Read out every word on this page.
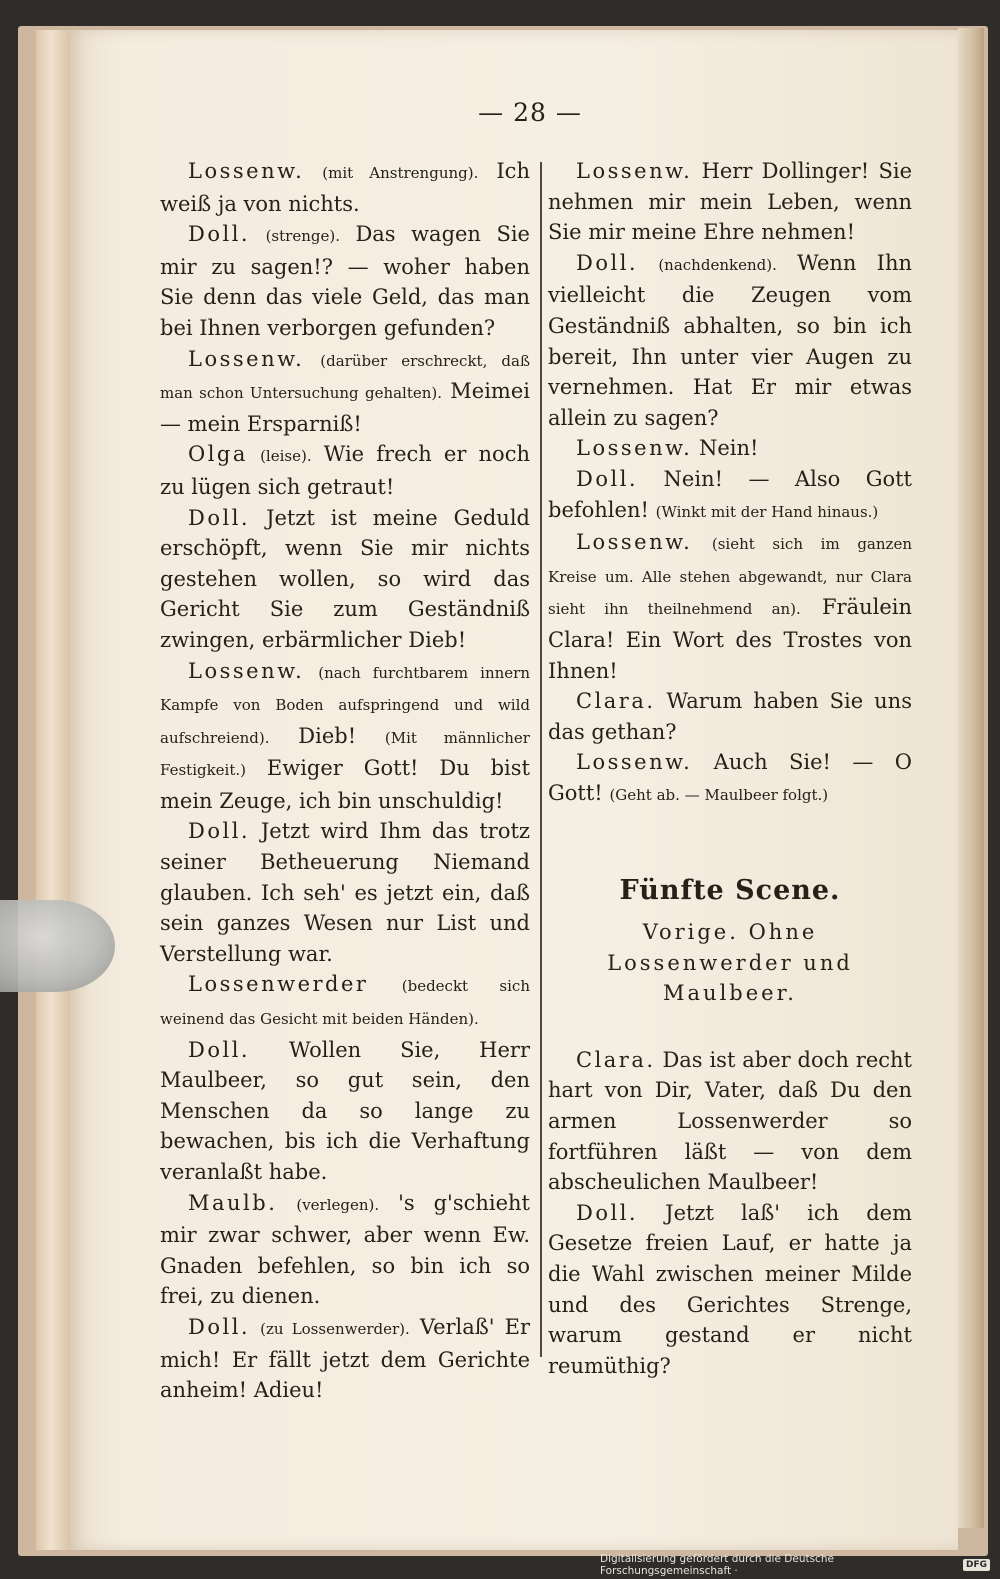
— 28 —

Lossenw. (mit Anstrengung). Ich weiß ja von nichts.

Doll. (strenge). Das wagen Sie mir zu sagen!? — woher haben Sie denn das viele Geld, das man bei Ihnen verborgen gefunden?

Lossenw. (darüber erschreckt, daß man schon Untersuchung gehalten). Meimei— mein Ersparniß!

Olga (leise). Wie frech er noch zu lügen sich getraut!

Doll. Jetzt ist meine Geduld erschöpft, wenn Sie mir nichts gestehen wollen, so wird das Gericht Sie zum Geständniß zwingen, erbärmlicher Dieb!

Lossenw. (nach furchtbarem innern Kampfe von Boden aufspringend und wild aufschreiend). Dieb! (Mit männlicher Festigkeit.) Ewiger Gott! Du bist mein Zeuge, ich bin unschuldig!

Doll. Jetzt wird Ihm das trotz seiner Betheuerung Niemand glauben. Ich seh' es jetzt ein, daß sein ganzes Wesen nur List und Verstellung war.

Lossenwerder (bedeckt sich weinend das Gesicht mit beiden Händen).

Doll. Wollen Sie, Herr Maulbeer, so gut sein, den Menschen da so lange zu bewachen, bis ich die Verhaftung veranlaßt habe.

Maulb. (verlegen). 's g'schieht mir zwar schwer, aber wenn Ew. Gnaden befehlen, so bin ich so frei, zu dienen.

Doll. (zu Lossenwerder). Verlaß' Er mich! Er fällt jetzt dem Gerichte anheim! Adieu!

Lossenw. Herr Dollinger! Sie nehmen mir mein Leben, wenn Sie mir meine Ehre nehmen!

Doll. (nachdenkend). Wenn Ihn vielleicht die Zeugen vom Geständniß abhalten, so bin ich bereit, Ihn unter vier Augen zu vernehmen. Hat Er mir etwas allein zu sagen?

Lossenw. Nein!

Doll. Nein! — Also Gott befohlen! (Winkt mit der Hand hinaus.)

Lossenw. (sieht sich im ganzen Kreise um. Alle stehen abgewandt, nur Clara sieht ihn theilnehmend an). Fräulein Clara! Ein Wort des Trostes von Ihnen!

Clara. Warum haben Sie uns das gethan?

Lossenw. Auch Sie! — O Gott! (Geht ab. — Maulbeer folgt.)

Fünfte Scene.

Vorige. Ohne Lossenwerder und Maulbeer.

Clara. Das ist aber doch recht hart von Dir, Vater, daß Du den armen Lossenwerder so fortführen läßt — von dem abscheulichen Maulbeer!

Doll. Jetzt laß' ich dem Gesetze freien Lauf, er hatte ja die Wahl zwischen meiner Milde und des Gerichtes Strenge, warum gestand er nicht reumüthig?

Digitalisierung gefördert durch die Deutsche Forschungsgemeinschaft ·	DFG
